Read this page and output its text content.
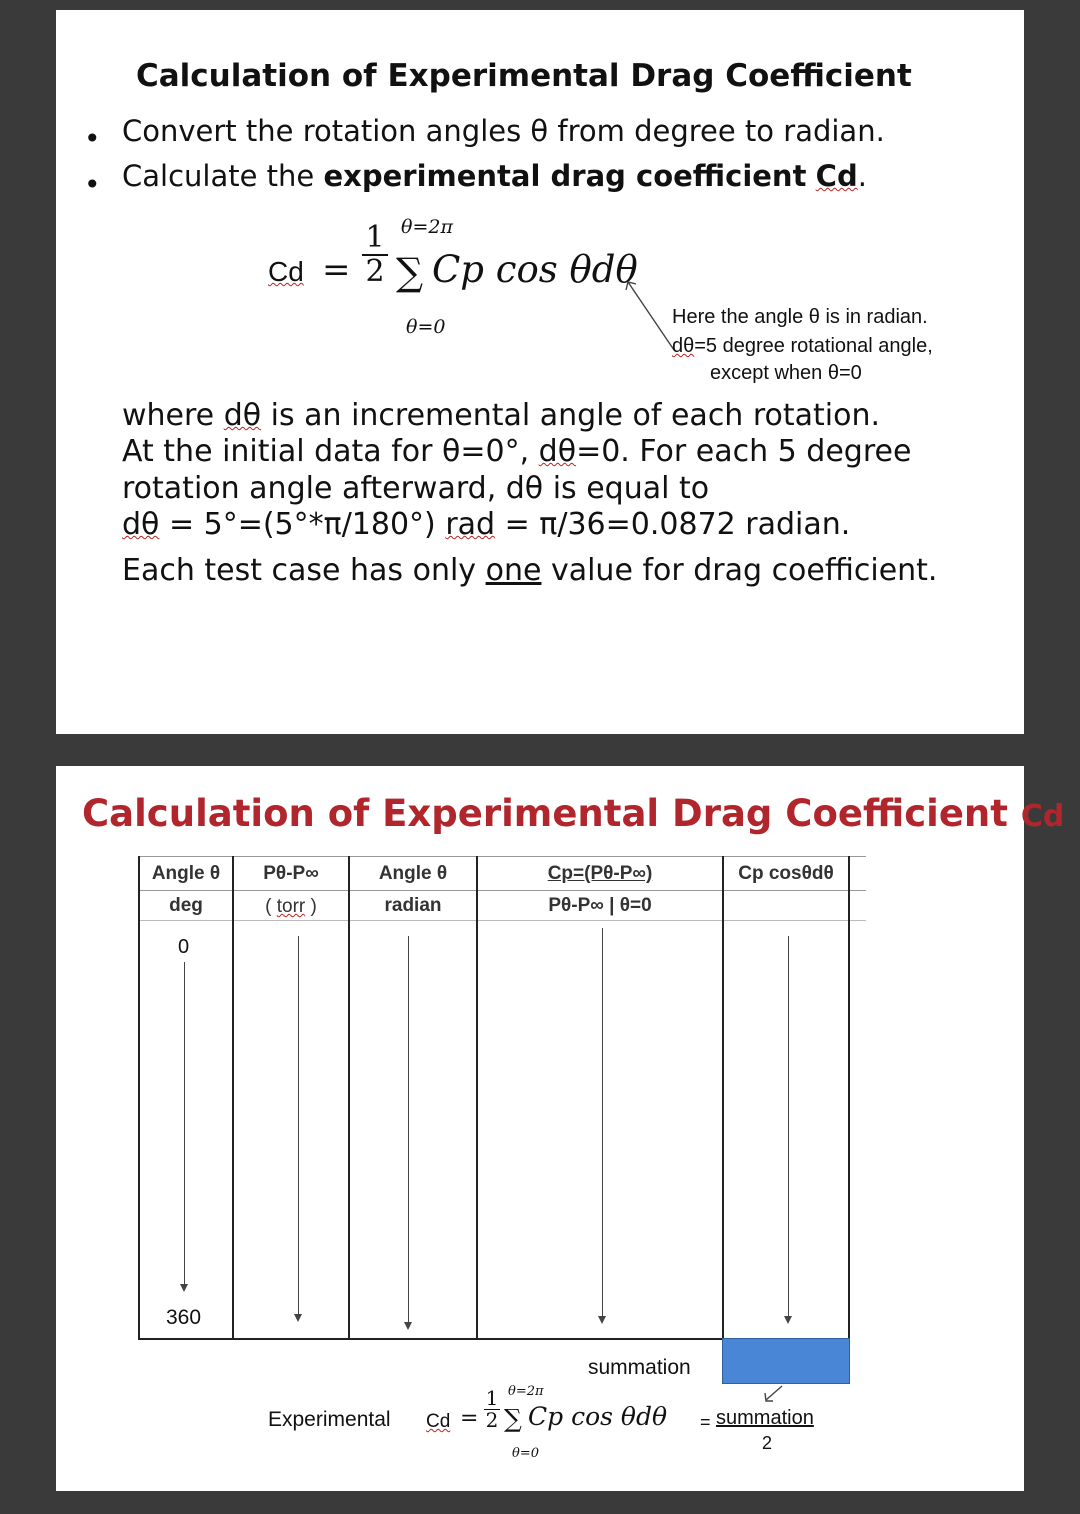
Calculation of Experimental Drag Coefficient
• Convert the rotation angles θ from degree to radian.
• Calculate the experimental drag coefficient Cd.
Cd =
1
2
θ=2π
∑
θ=0
Cp cos θdθ
Here the angle θ is in radian.
dθ=5 degree rotational angle,
except when θ=0
where dθ is an incremental angle of each rotation.
At the initial data for θ=0°, dθ=0. For each 5 degree
rotation angle afterward, dθ is equal to
dθ = 5°=(5°*π/180°) rad = π/36=0.0872 radian.
Each test case has only one value for drag coefficient.
Calculation of Experimental Drag Coefficient Cd
Angle θ
deg
Pθ-P∞
( torr )
Angle θ
radian
Cp=(Pθ-P∞)
Pθ-P∞ | θ=0
Cp cosθdθ
0
360
summation
Experimental Cd =
1
2
θ=2π
∑
θ=0
Cp cos θdθ = summation
2
